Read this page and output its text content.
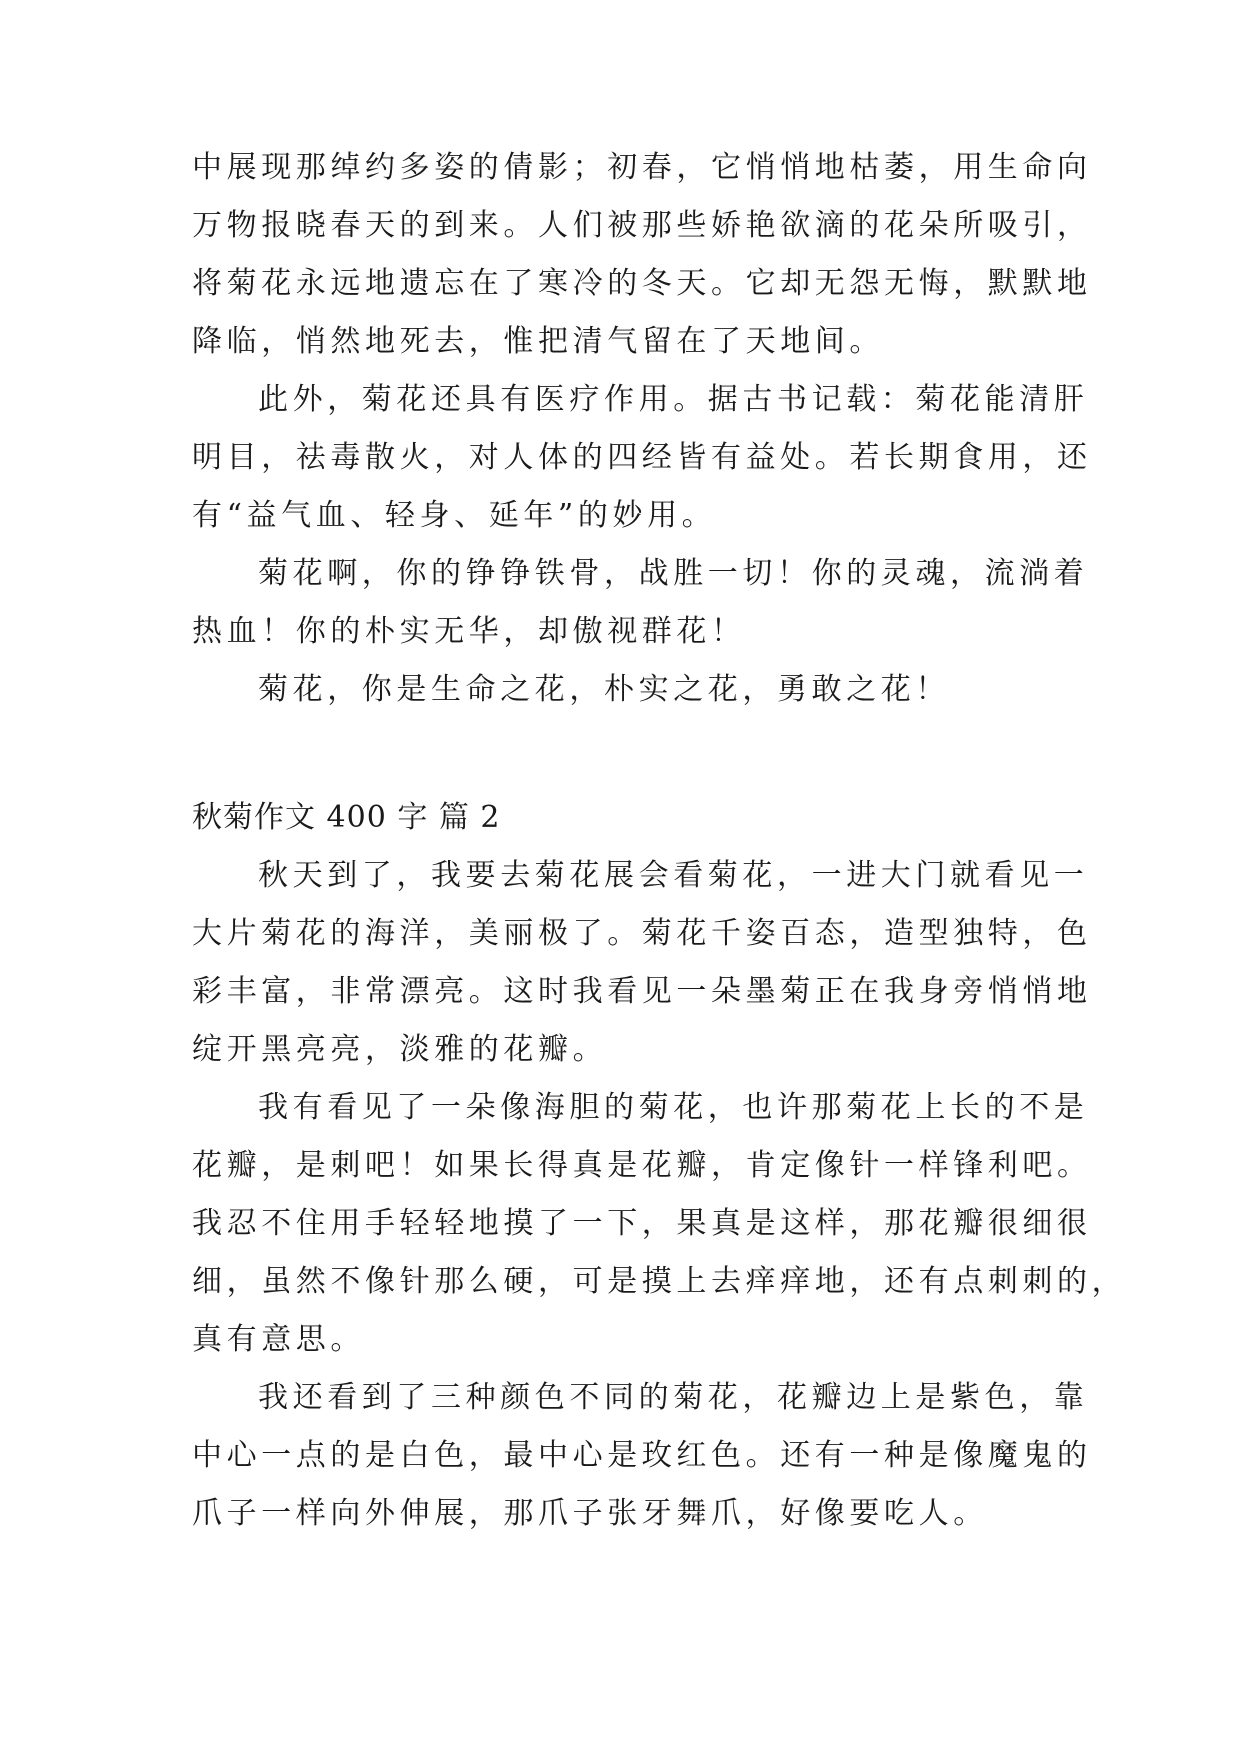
中展现那绰约多姿的倩影；初春，它悄悄地枯萎，用生命向
万物报晓春天的到来。人们被那些娇艳欲滴的花朵所吸引，
将菊花永远地遗忘在了寒冷的冬天。它却无怨无悔，默默地
降临，悄然地死去，惟把清气留在了天地间。
此外，菊花还具有医疗作用。据古书记载：菊花能清肝
明目，祛毒散火，对人体的四经皆有益处。若长期食用，还
有“益气血、轻身、延年”的妙用。
菊花啊，你的铮铮铁骨，战胜一切！你的灵魂，流淌着
热血！你的朴实无华，却傲视群花！
菊花，你是生命之花，朴实之花，勇敢之花！
秋菊作文 400 字 篇 2
秋天到了，我要去菊花展会看菊花，一进大门就看见一
大片菊花的海洋，美丽极了。菊花千姿百态，造型独特，色
彩丰富，非常漂亮。这时我看见一朵墨菊正在我身旁悄悄地
绽开黑亮亮，淡雅的花瓣。
我有看见了一朵像海胆的菊花，也许那菊花上长的不是
花瓣，是刺吧！如果长得真是花瓣，肯定像针一样锋利吧。
我忍不住用手轻轻地摸了一下，果真是这样，那花瓣很细很
细，虽然不像针那么硬，可是摸上去痒痒地，还有点刺刺的，
真有意思。
我还看到了三种颜色不同的菊花，花瓣边上是紫色，靠
中心一点的是白色，最中心是玫红色。还有一种是像魔鬼的
爪子一样向外伸展，那爪子张牙舞爪，好像要吃人。
